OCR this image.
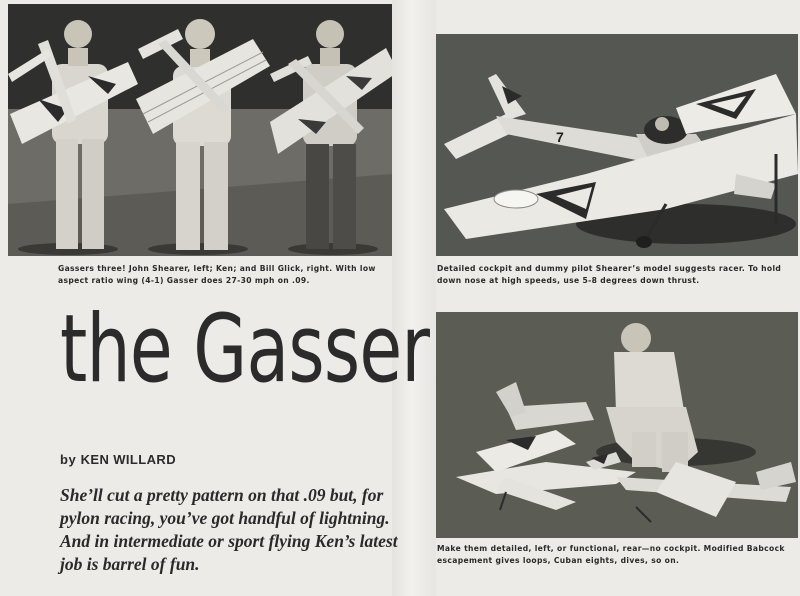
7
Gassers three! John Shearer, left; Ken; and Bill Glick, right. With low aspect ratio wing (4-1) Gasser does 27-30 mph on .09.
Detailed cockpit and dummy pilot Shearer’s model suggests racer. To hold down nose at high speeds, use 5-8 degrees down thrust.
Make them detailed, left, or functional, rear—no cockpit. Modified Babcock escapement gives loops, Cuban eights, dives, so on.
the Gasser
by KEN WILLARD
She’ll cut a pretty pattern on that .09 but, for pylon racing, you’ve got handful of lightning. And in intermediate or sport flying Ken’s latest job is barrel of fun.
